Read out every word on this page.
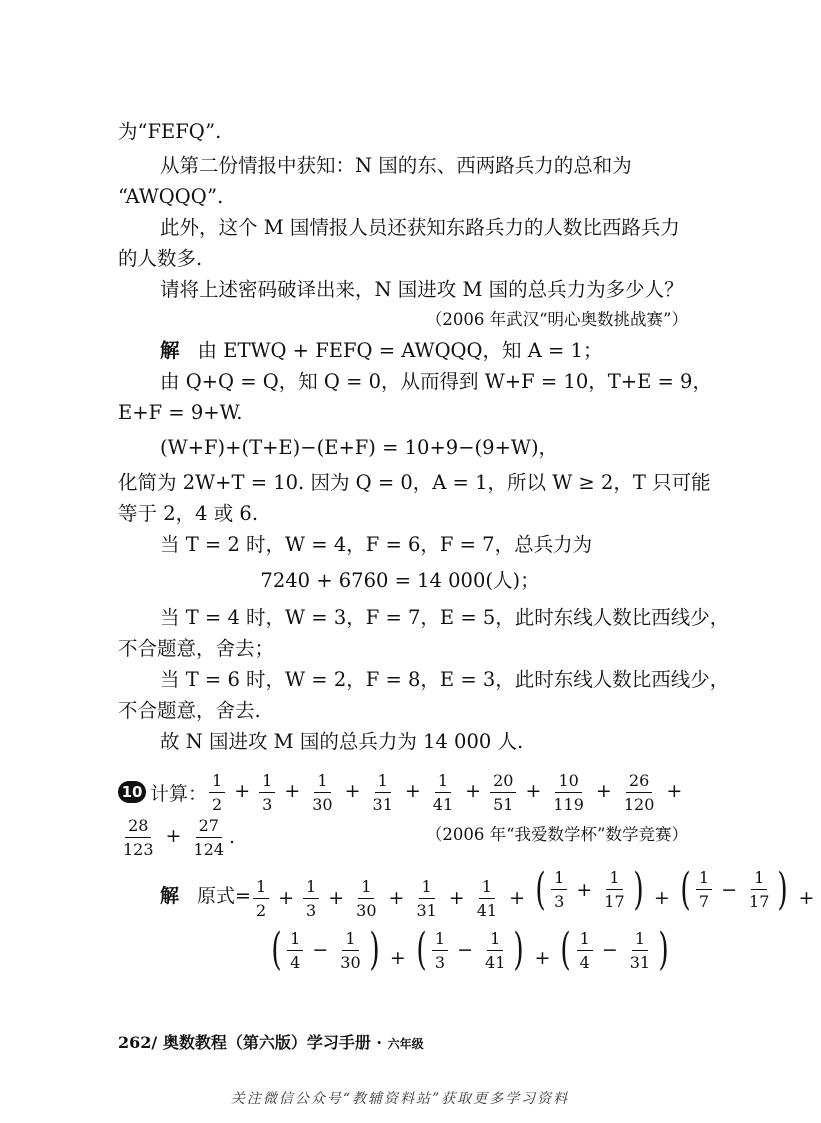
为“FEFQ”.
从第二份情报中获知：N 国的东、西两路兵力的总和为
“AWQQQ”.
此外，这个 M 国情报人员还获知东路兵力的人数比西路兵力
的人数多.
请将上述密码破译出来，N 国进攻 M 国的总兵力为多少人？
（2006 年武汉“明心奥数挑战赛”）
解 由 ETWQ + FEFQ = AWQQQ，知 A = 1；
由 Q+Q = Q，知 Q = 0，从而得到 W+F = 10，T+E = 9，
E+F = 9+W.
(W+F)+(T+E)−(E+F) = 10+9−(9+W)，
化简为 2W+T = 10. 因为 Q = 0，A = 1，所以 W ≥ 2，T 只可能
等于 2，4 或 6.
当 T = 2 时，W = 4，F = 6，F = 7，总兵力为
7240 + 6760 = 14 000(人)；
当 T = 4 时，W = 3，F = 7，E = 5，此时东线人数比西线少，
不合题意，舍去；
当 T = 6 时，W = 2，F = 8，E = 3，此时东线人数比西线少，
不合题意，舍去.
故 N 国进攻 M 国的总兵力为 14 000 人.
10 计算： $\frac{1}{2} + \frac{1}{3} + \frac{1}{30} + \frac{1}{31} + \frac{1}{41} + \frac{20}{51} + \frac{10}{119} + \frac{26}{120}$ +
$\frac{28}{123} + \frac{27}{124}$ .	（2006 年“我爱数学杯”数学竞赛）
解 原式= $\frac{1}{2} + \frac{1}{3} + \frac{1}{30} + \frac{1}{31} + \frac{1}{41}$ + ( $\frac{1}{3} + \frac{1}{17}$ ) + ( $\frac{1}{7} - \frac{1}{17}$ ) +
( $\frac{1}{4} - \frac{1}{30}$ ) + ( $\frac{1}{3} - \frac{1}{41}$ ) + ( $\frac{1}{4} - \frac{1}{31}$ )
262/ 奥数教程（第六版）学习手册 · 六年级
关注微信公众号“教辅资料站”获取更多学习资料
